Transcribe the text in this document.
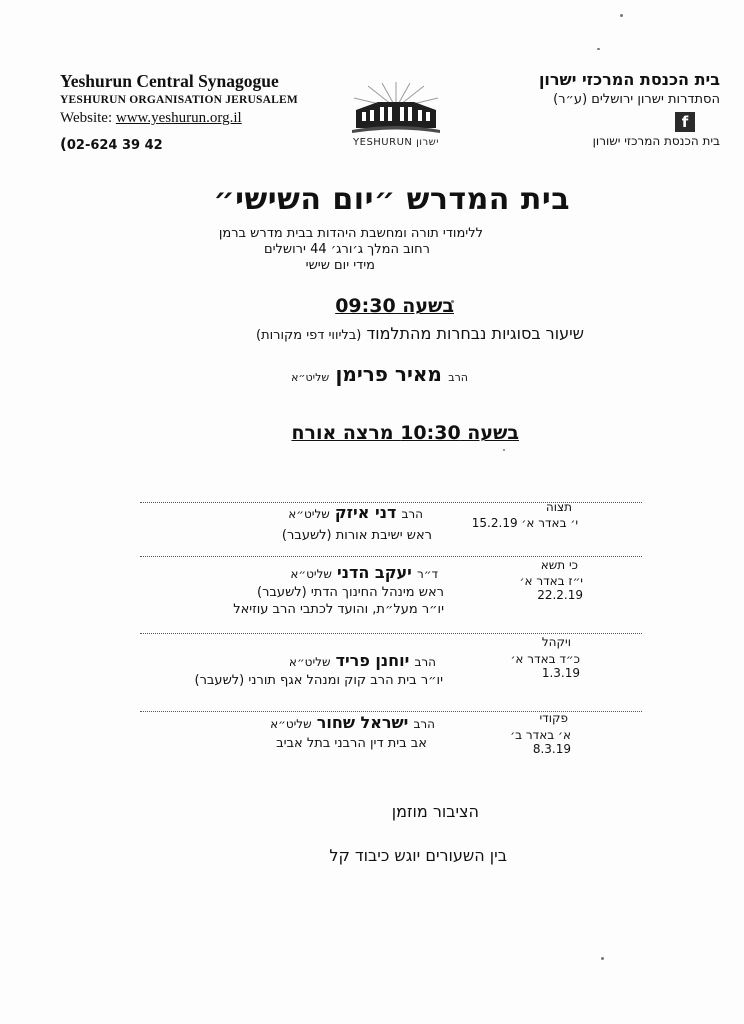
Yeshurun Central Synagogue
YESHURUN ORGANISATION JERUSALEM
Website: www.yeshurun.org.il
(02-624 39 42	YESHURUN ישרון
בית הכנסת המרכזי ישרון
הסתדרות ישרון ירושלים (ע״ר)
f
בית הכנסת המרכזי ישורון
בית המדרש ״יום השישי״
ללימודי תורה ומחשבת היהדות בבית מדרש ברמן
רחוב המלך ג׳ורג׳ 44 ירושלים
מידי יום שישי
בשעה 09:30
שיעור בסוגיות נבחרות מהתלמוד (בליווי דפי מקורות)
הרב מאיר פרימן שליט״א
בשעה 10:30 מרצה אורח
תצוה
י׳ באדר א׳ 15.2.19
הרב דני איזק שליט״א
ראש ישיבת אורות (לשעבר)
כי תשא
י״ז באדר א׳ 22.2.19
ד״ר יעקב הדני שליט״א
ראש מינהל החינוך הדתי (לשעבר)
יו״ר מעל״ת, והועד לכתבי הרב עוזיאל
ויקהל
כ״ד באדר א׳ 1.3.19
הרב יוחנן פריד שליט״א
יו״ר בית הרב קוק ומנהל אגף תורני (לשעבר)
פקודי
א׳ באדר ב׳ 8.3.19
הרב ישראל שחור שליט״א
אב בית דין הרבני בתל אביב
הציבור מוזמן
בין השעורים יוגש כיבוד קל
